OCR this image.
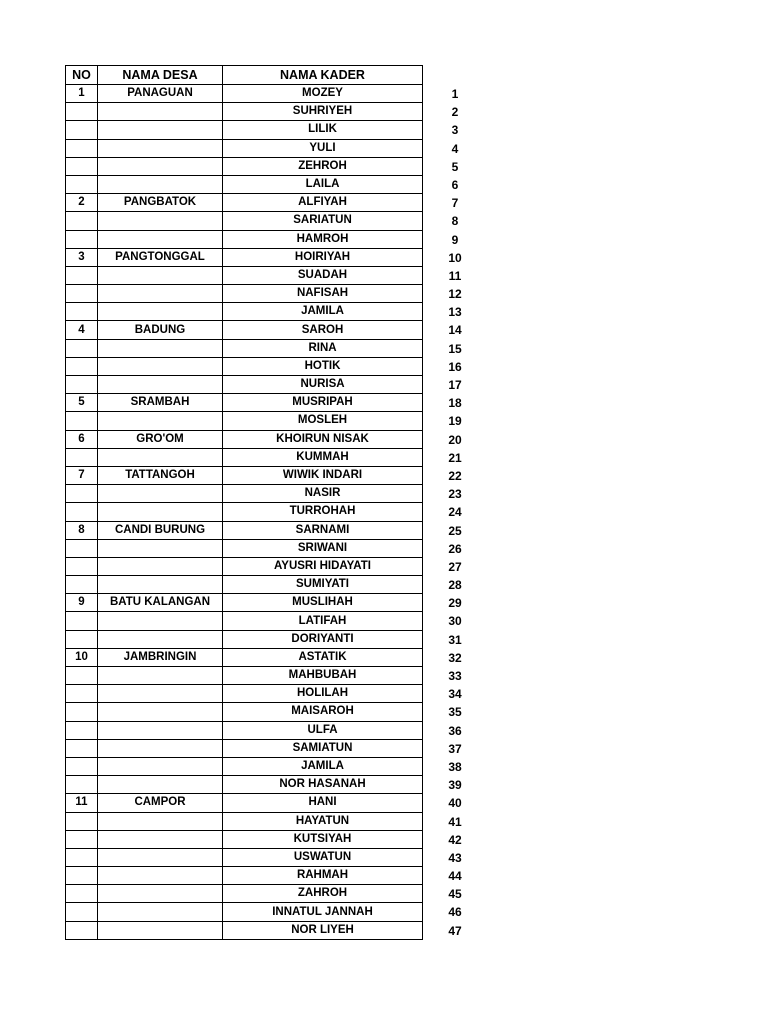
NO	NAMA DESA	NAMA KADER
1	PANAGUAN	MOZEY
		SUHRIYEH
		LILIK
		YULI
		ZEHROH
		LAILA
2	PANGBATOK	ALFIYAH
		SARIATUN
		HAMROH
3	PANGTONGGAL	HOIRIYAH
		SUADAH
		NAFISAH
		JAMILA
4	BADUNG	SAROH
		RINA
		HOTIK
		NURISA
5	SRAMBAH	MUSRIPAH
		MOSLEH
6	GRO'OM	KHOIRUN NISAK
		KUMMAH
7	TATTANGOH	WIWIK INDARI
		NASIR
		TURROHAH
8	CANDI BURUNG	SARNAMI
		SRIWANI
		AYUSRI HIDAYATI
		SUMIYATI
9	BATU KALANGAN	MUSLIHAH
		LATIFAH
		DORIYANTI
10	JAMBRINGIN	ASTATIK
		MAHBUBAH
		HOLILAH
		MAISAROH
		ULFA
		SAMIATUN
		JAMILA
		NOR HASANAH
11	CAMPOR	HANI
		HAYATUN
		KUTSIYAH
		USWATUN
		RAHMAH
		ZAHROH
		INNATUL JANNAH
		NOR LIYEH
1
2
3
4
5
6
7
8
9
10
11
12
13
14
15
16
17
18
19
20
21
22
23
24
25
26
27
28
29
30
31
32
33
34
35
36
37
38
39
40
41
42
43
44
45
46
47
